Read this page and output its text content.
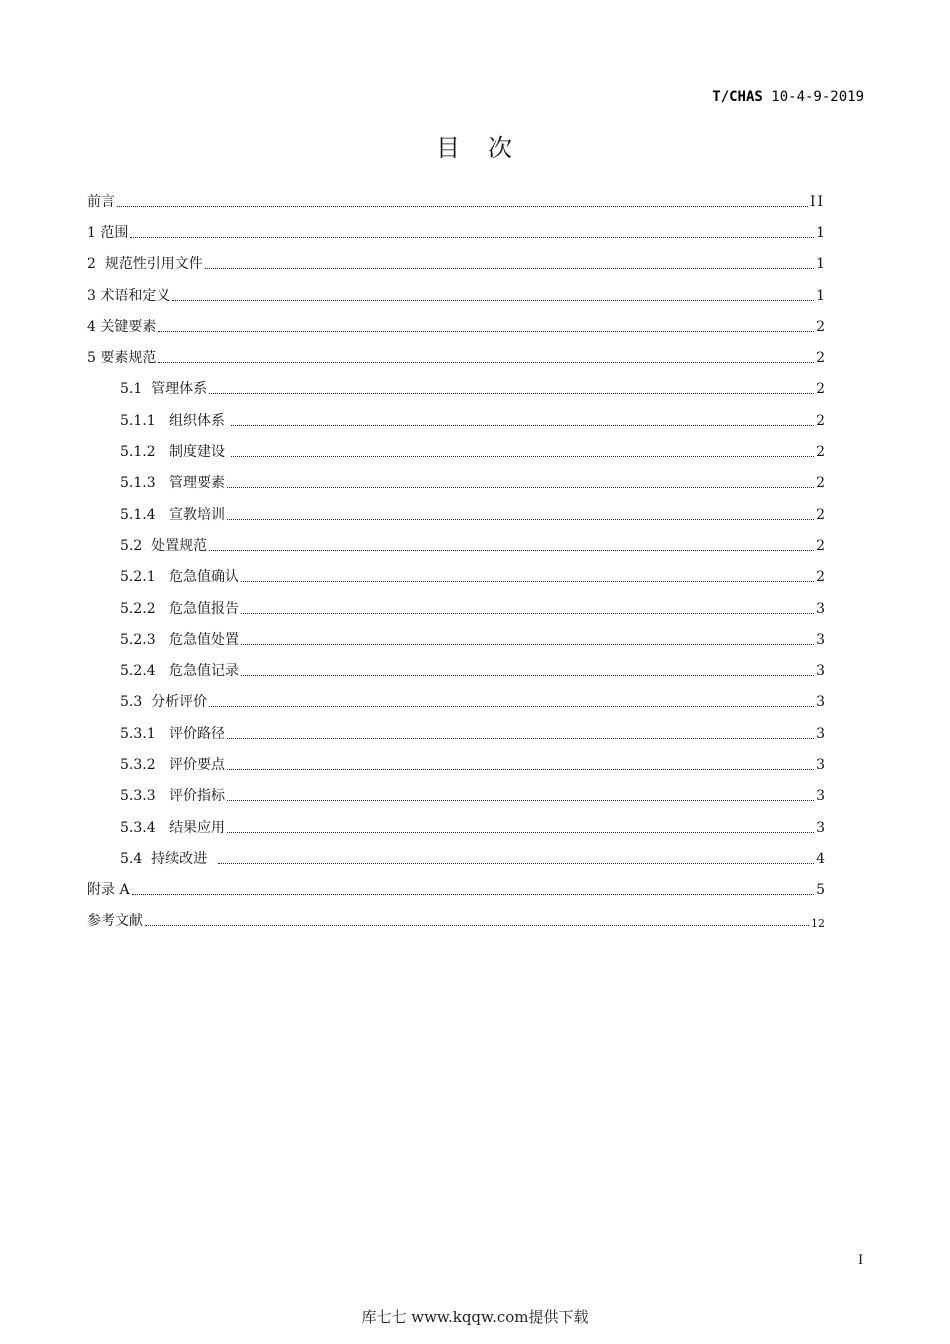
T/CHAS 10-4-9-2019
目 次
前言	II
1 范围	1
2 规范性引用文件	1
3 术语和定义	1
4 关键要素	2
5 要素规范	2
5.1 管理体系	2
5.1.1 组织体系	2
5.1.2 制度建设	2
5.1.3 管理要素	2
5.1.4 宣教培训	2
5.2 处置规范	2
5.2.1 危急值确认	2
5.2.2 危急值报告	3
5.2.3 危急值处置	3
5.2.4 危急值记录	3
5.3 分析评价	3
5.3.1 评价路径	3
5.3.2 评价要点	3
5.3.3 评价指标	3
5.3.4 结果应用	3
5.4 持续改进	4
附录 A	5
参考文献	12
I
库七七 www.kqqw.com提供下载
